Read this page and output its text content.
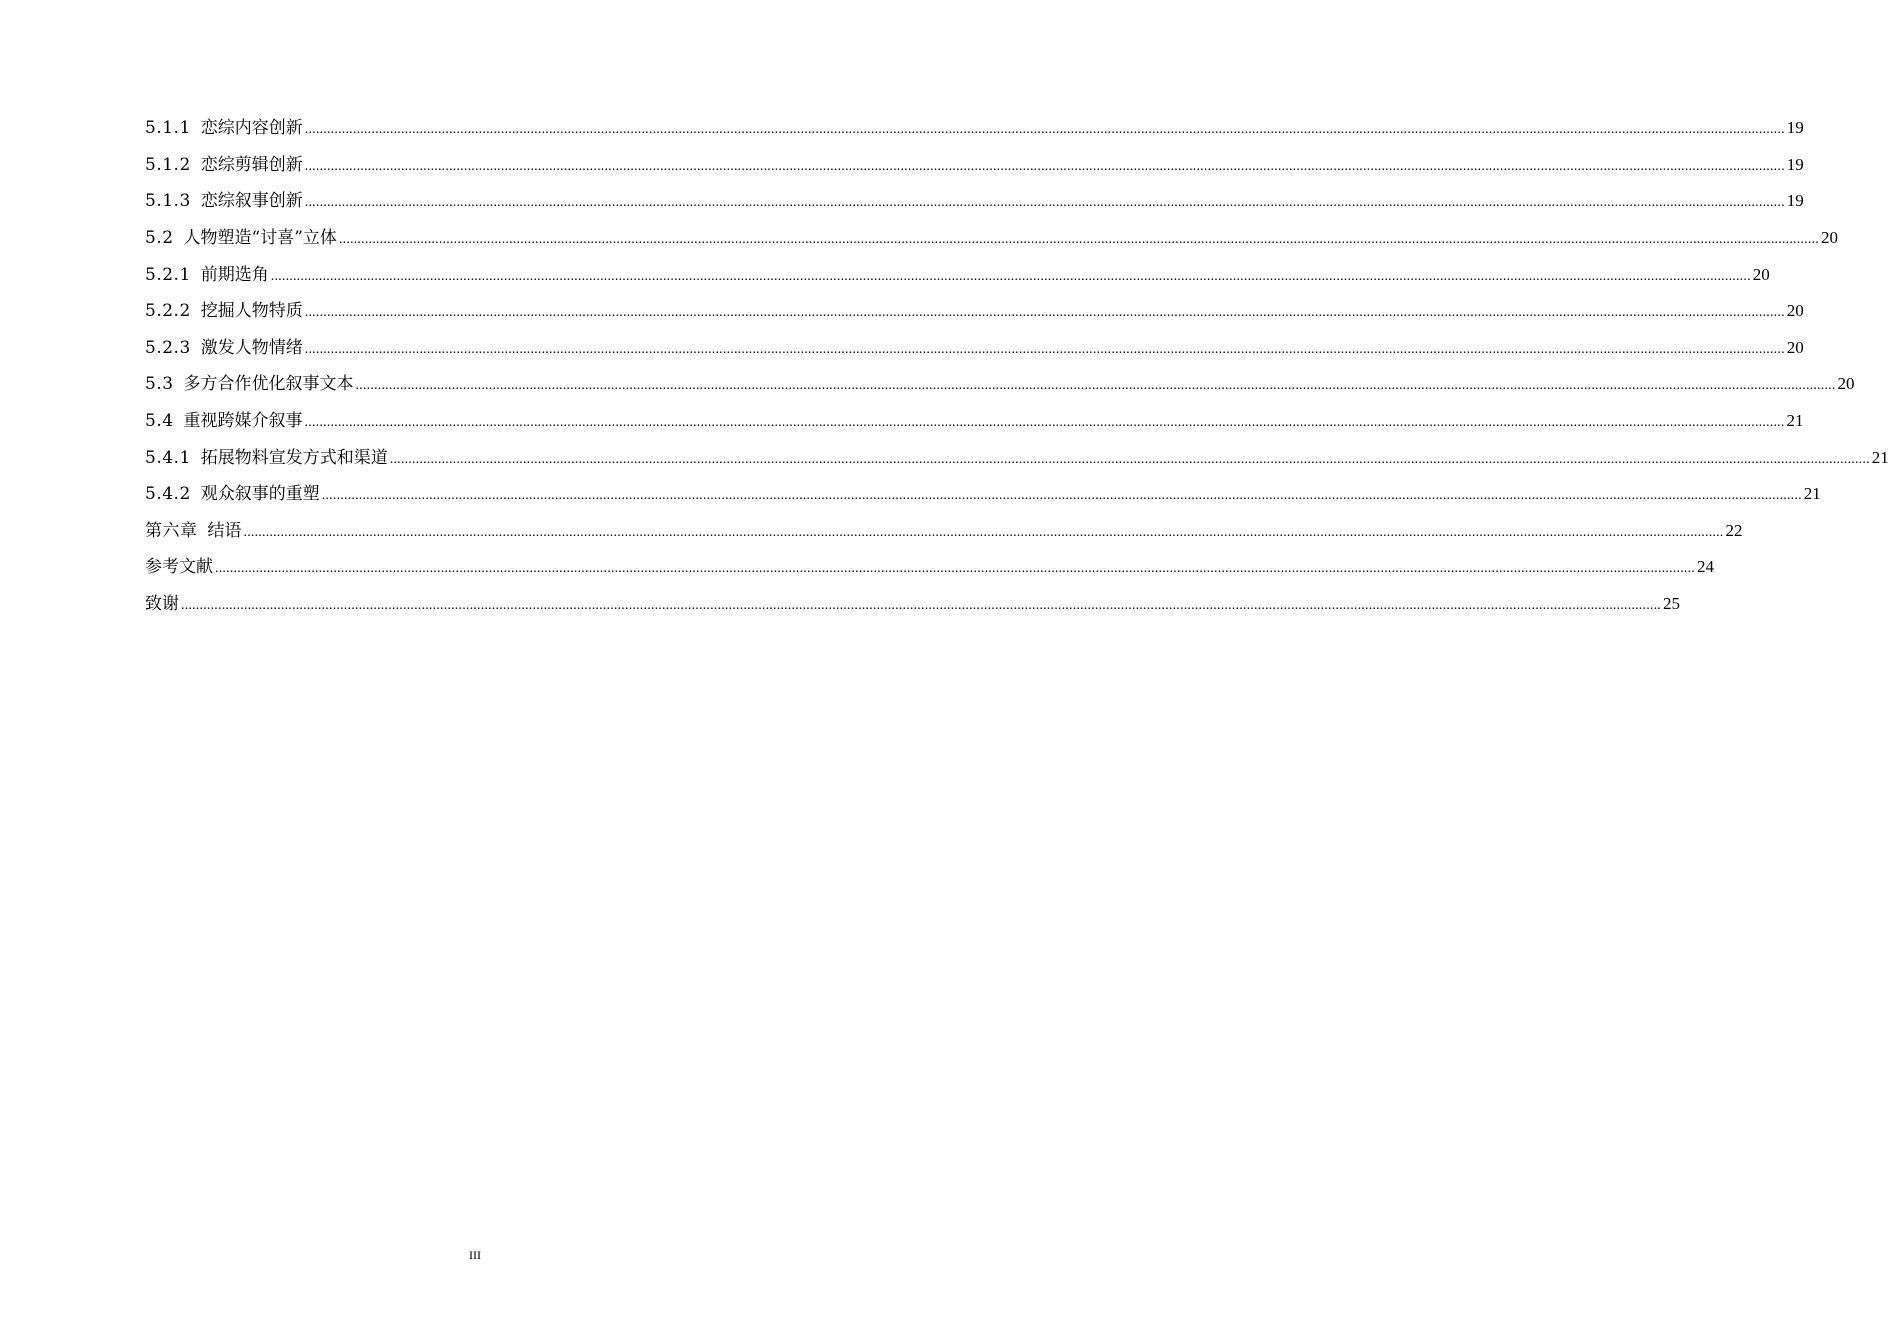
5.1.1 恋综内容创新 ................................................................................................................................................................................................................................................................................................................................................................................................................ 19
5.1.2 恋综剪辑创新 ................................................................................................................................................................................................................................................................................................................................................................................................................ 19
5.1.3 恋综叙事创新 ................................................................................................................................................................................................................................................................................................................................................................................................................ 19
5.2 人物塑造“讨喜”立体 ................................................................................................................................................................................................................................................................................................................................................................................................................ 20
5.2.1 前期选角 ................................................................................................................................................................................................................................................................................................................................................................................................................ 20
5.2.2 挖掘人物特质 ................................................................................................................................................................................................................................................................................................................................................................................................................ 20
5.2.3 激发人物情绪 ................................................................................................................................................................................................................................................................................................................................................................................................................ 20
5.3 多方合作优化叙事文本 ................................................................................................................................................................................................................................................................................................................................................................................................................ 20
5.4 重视跨媒介叙事 ................................................................................................................................................................................................................................................................................................................................................................................................................ 21
5.4.1 拓展物料宣发方式和渠道 ................................................................................................................................................................................................................................................................................................................................................................................................................ 21
5.4.2 观众叙事的重塑 ................................................................................................................................................................................................................................................................................................................................................................................................................ 21
第六章 结语 ................................................................................................................................................................................................................................................................................................................................................................................................................ 22
参考文献 ................................................................................................................................................................................................................................................................................................................................................................................................................ 24
致谢 ................................................................................................................................................................................................................................................................................................................................................................................................................ 25
III
